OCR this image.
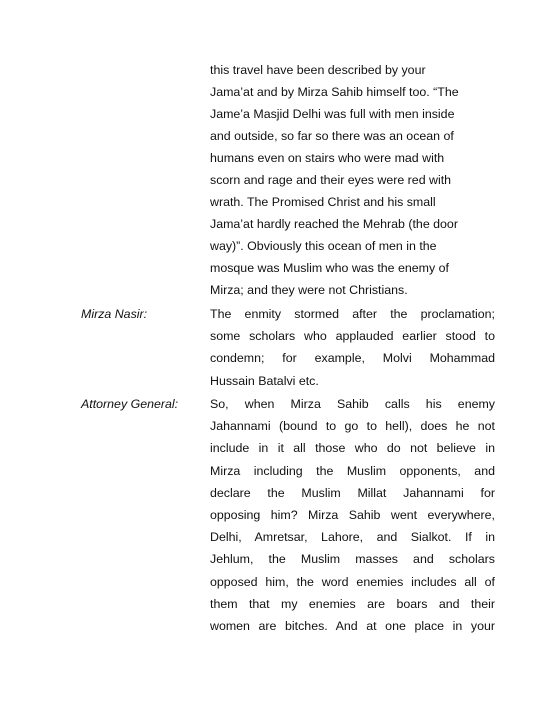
this travel have been described by your
Jama’at and by Mirza Sahib himself too. “The
Jame’a Masjid Delhi was full with men inside
and outside, so far so there was an ocean of
humans even on stairs who were mad with
scorn and rage and their eyes were red with
wrath. The Promised Christ and his small
Jama’at hardly reached the Mehrab (the door
way)”. Obviously this ocean of men in the
mosque was Muslim who was the enemy of
Mirza; and they were not Christians.
Mirza Nasir:	The enmity stormed after the proclamation;
some scholars who applauded earlier stood to
condemn; for example, Molvi Mohammad
Hussain Batalvi etc.
Attorney General:	So, when Mirza Sahib calls his enemy
Jahannami (bound to go to hell), does he not
include in it all those who do not believe in
Mirza including the Muslim opponents, and
declare the Muslim Millat Jahannami for
opposing him? Mirza Sahib went everywhere,
Delhi, Amretsar, Lahore, and Sialkot. If in
Jehlum, the Muslim masses and scholars
opposed him, the word enemies includes all of
them that my enemies are boars and their
women are bitches. And at one place in your
